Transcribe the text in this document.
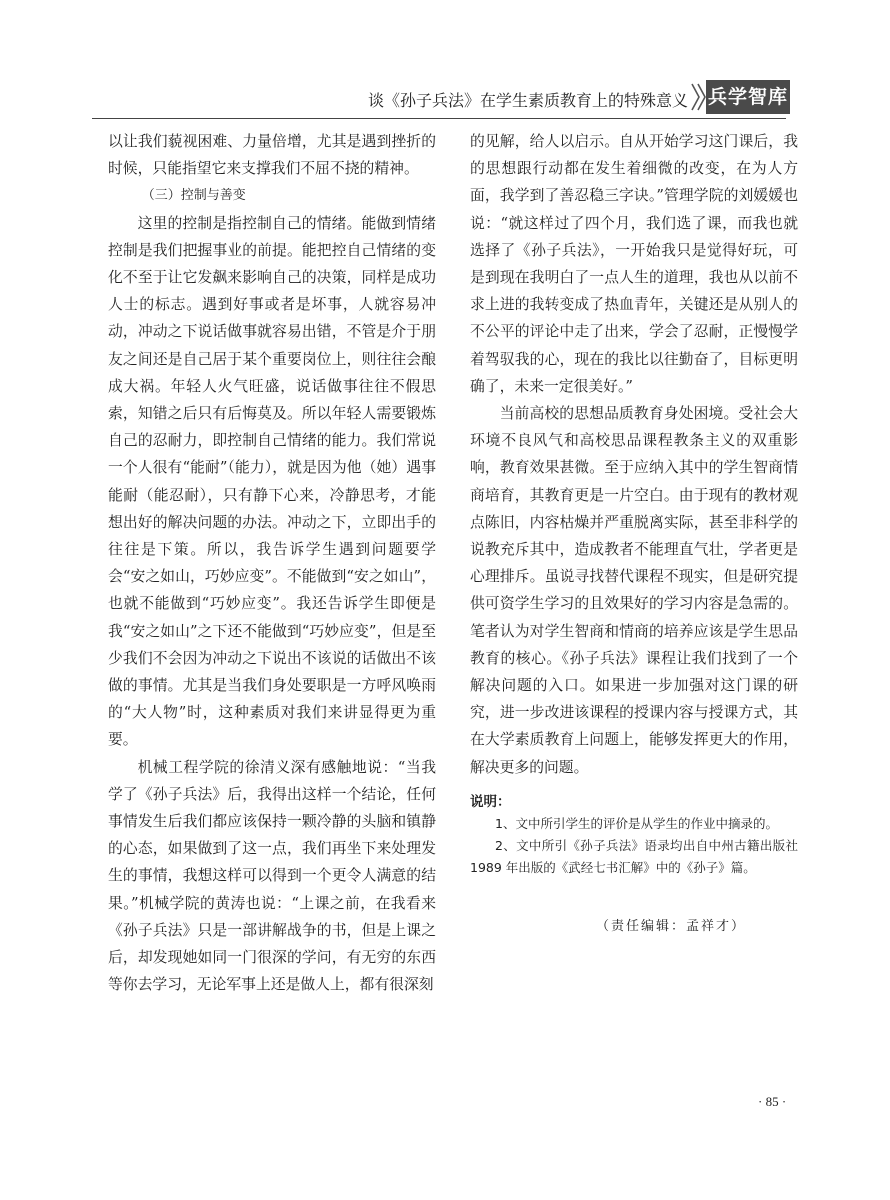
谈《孙子兵法》在学生素质教育上的特殊意义 兵学智库

以让我们藐视困难、力量倍增，尤其是遇到挫折的时候，只能指望它来支撑我们不屈不挠的精神。

（三）控制与善变

这里的控制是指控制自己的情绪。能做到情绪控制是我们把握事业的前提。能把控自己情绪的变化不至于让它发飙来影响自己的决策，同样是成功人士的标志。遇到好事或者是坏事，人就容易冲动，冲动之下说话做事就容易出错，不管是介于朋友之间还是自己居于某个重要岗位上，则往往会酿成大祸。年轻人火气旺盛，说话做事往往不假思索，知错之后只有后悔莫及。所以年轻人需要锻炼自己的忍耐力，即控制自己情绪的能力。我们常说一个人很有“能耐”（能力），就是因为他（她）遇事能耐（能忍耐），只有静下心来，冷静思考，才能想出好的解决问题的办法。冲动之下，立即出手的往往是下策。所以，我告诉学生遇到问题要学会“安之如山，巧妙应变”。不能做到“安之如山”，也就不能做到“巧妙应变”。我还告诉学生即便是我“安之如山”之下还不能做到“巧妙应变”，但是至少我们不会因为冲动之下说出不该说的话做出不该做的事情。尤其是当我们身处要职是一方呼风唤雨的“大人物”时，这种素质对我们来讲显得更为重要。

机械工程学院的徐清义深有感触地说：“当我学了《孙子兵法》后，我得出这样一个结论，任何事情发生后我们都应该保持一颗冷静的头脑和镇静的心态，如果做到了这一点，我们再坐下来处理发生的事情，我想这样可以得到一个更令人满意的结果。”机械学院的黄涛也说：“上课之前，在我看来《孙子兵法》只是一部讲解战争的书，但是上课之后，却发现她如同一门很深的学问，有无穷的东西等你去学习，无论军事上还是做人上，都有很深刻

的见解，给人以启示。自从开始学习这门课后，我的思想跟行动都在发生着细微的改变，在为人方面，我学到了善忍稳三字诀。”管理学院的刘媛媛也说：“就这样过了四个月，我们选了课，而我也就选择了《孙子兵法》，一开始我只是觉得好玩，可是到现在我明白了一点人生的道理，我也从以前不求上进的我转变成了热血青年，关键还是从别人的不公平的评论中走了出来，学会了忍耐，正慢慢学着驾驭我的心，现在的我比以往勤奋了，目标更明确了，未来一定很美好。”

当前高校的思想品质教育身处困境。受社会大环境不良风气和高校思品课程教条主义的双重影响，教育效果甚微。至于应纳入其中的学生智商情商培育，其教育更是一片空白。由于现有的教材观点陈旧，内容枯燥并严重脱离实际，甚至非科学的说教充斥其中，造成教者不能理直气壮，学者更是心理排斥。虽说寻找替代课程不现实，但是研究提供可资学生学习的且效果好的学习内容是急需的。笔者认为对学生智商和情商的培养应该是学生思品教育的核心。《孙子兵法》课程让我们找到了一个解决问题的入口。如果进一步加强对这门课的研究，进一步改进该课程的授课内容与授课方式，其在大学素质教育上问题上，能够发挥更大的作用，解决更多的问题。

说明：

1、文中所引学生的评价是从学生的作业中摘录的。

2、文中所引《孙子兵法》语录均出自中州古籍出版社 1989 年出版的《武经七书汇解》中的《孙子》篇。

（责任编辑：孟祥才）
· 85 ·
